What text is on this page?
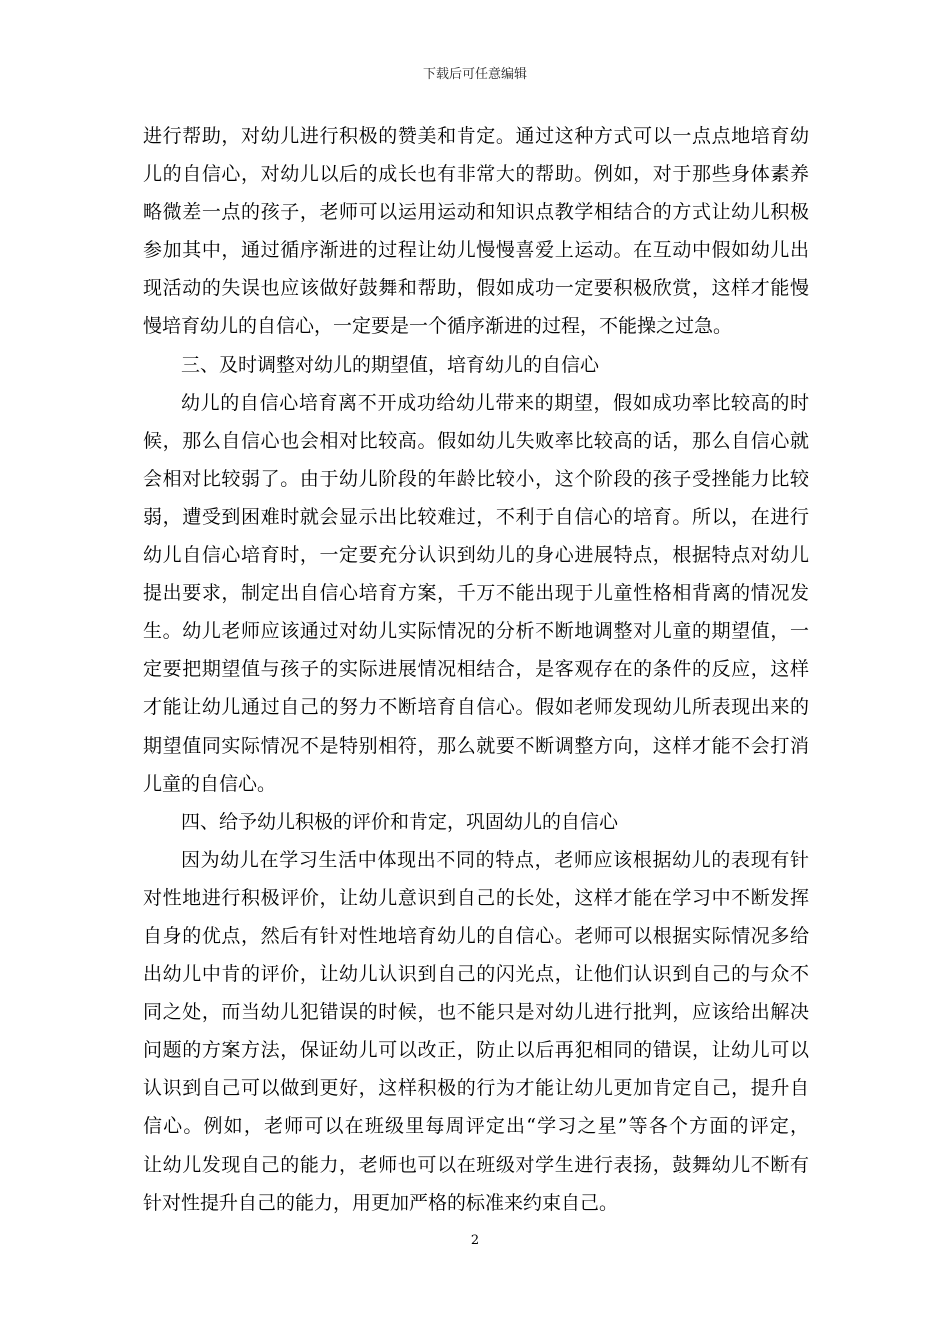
下载后可任意编辑
进行帮助，对幼儿进行积极的赞美和肯定。通过这种方式可以一点点地培育幼
儿的自信心，对幼儿以后的成长也有非常大的帮助。例如，对于那些身体素养
略微差一点的孩子，老师可以运用运动和知识点教学相结合的方式让幼儿积极
参加其中，通过循序渐进的过程让幼儿慢慢喜爱上运动。在互动中假如幼儿出
现活动的失误也应该做好鼓舞和帮助，假如成功一定要积极欣赏，这样才能慢
慢培育幼儿的自信心，一定要是一个循序渐进的过程，不能操之过急。
三、及时调整对幼儿的期望值，培育幼儿的自信心
幼儿的自信心培育离不开成功给幼儿带来的期望，假如成功率比较高的时
候，那么自信心也会相对比较高。假如幼儿失败率比较高的话，那么自信心就
会相对比较弱了。由于幼儿阶段的年龄比较小，这个阶段的孩子受挫能力比较
弱，遭受到困难时就会显示出比较难过，不利于自信心的培育。所以，在进行
幼儿自信心培育时，一定要充分认识到幼儿的身心进展特点，根据特点对幼儿
提出要求，制定出自信心培育方案，千万不能出现于儿童性格相背离的情况发
生。幼儿老师应该通过对幼儿实际情况的分析不断地调整对儿童的期望值，一
定要把期望值与孩子的实际进展情况相结合，是客观存在的条件的反应，这样
才能让幼儿通过自己的努力不断培育自信心。假如老师发现幼儿所表现出来的
期望值同实际情况不是特别相符，那么就要不断调整方向，这样才能不会打消
儿童的自信心。
四、给予幼儿积极的评价和肯定，巩固幼儿的自信心
因为幼儿在学习生活中体现出不同的特点，老师应该根据幼儿的表现有针
对性地进行积极评价，让幼儿意识到自己的长处，这样才能在学习中不断发挥
自身的优点，然后有针对性地培育幼儿的自信心。老师可以根据实际情况多给
出幼儿中肯的评价，让幼儿认识到自己的闪光点，让他们认识到自己的与众不
同之处，而当幼儿犯错误的时候，也不能只是对幼儿进行批判，应该给出解决
问题的方案方法，保证幼儿可以改正，防止以后再犯相同的错误，让幼儿可以
认识到自己可以做到更好，这样积极的行为才能让幼儿更加肯定自己，提升自
信心。例如，老师可以在班级里每周评定出“学习之星”等各个方面的评定，
让幼儿发现自己的能力，老师也可以在班级对学生进行表扬，鼓舞幼儿不断有
针对性提升自己的能力，用更加严格的标准来约束自己。
2
